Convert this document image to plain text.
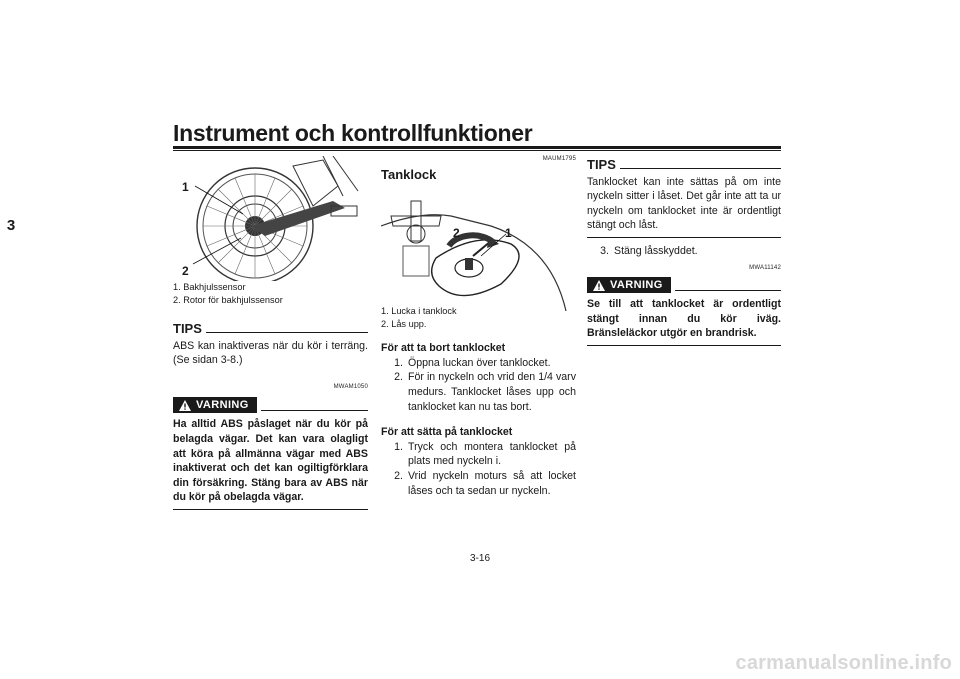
Instrument och kontrollfunktioner
3
1
2

1. Bakhjulssensor

2. Rotor för bakhjulssensor

TIPS

ABS kan inaktiveras när du kör i terräng. (Se sidan 3-8.)

MWAM1050
VARNING

Ha alltid ABS påslaget när du kör på belagda vägar. Det kan vara olagligt att köra på allmänna vägar med ABS inaktiverat och det kan ogiltigförklara din försäkring. Stäng bara av ABS när du kör på obelagda vägar.

MAUM1795
Tanklock
2	1

1. Lucka i tanklock

2. Lås upp.

För att ta bort tanklocket
1. Öppna luckan över tanklocket.
2. För in nyckeln och vrid den 1/4 varv medurs. Tanklocket låses upp och tanklocket kan nu tas bort.
För att sätta på tanklocket
1. Tryck och montera tanklocket på plats med nyckeln i.
2. Vrid nyckeln moturs så att locket låses och ta sedan ur nyckeln.
TIPS

Tanklocket kan inte sättas på om inte nyckeln sitter i låset. Det går inte att ta ur nyckeln om tanklocket inte är ordentligt stängt och låst.

3. Stäng låsskyddet.
MWA11142
VARNING

Se till att tanklocket är ordentligt stängt innan du kör iväg. Bränsleläckor utgör en brandrisk.

3-16
carmanualsonline.info
